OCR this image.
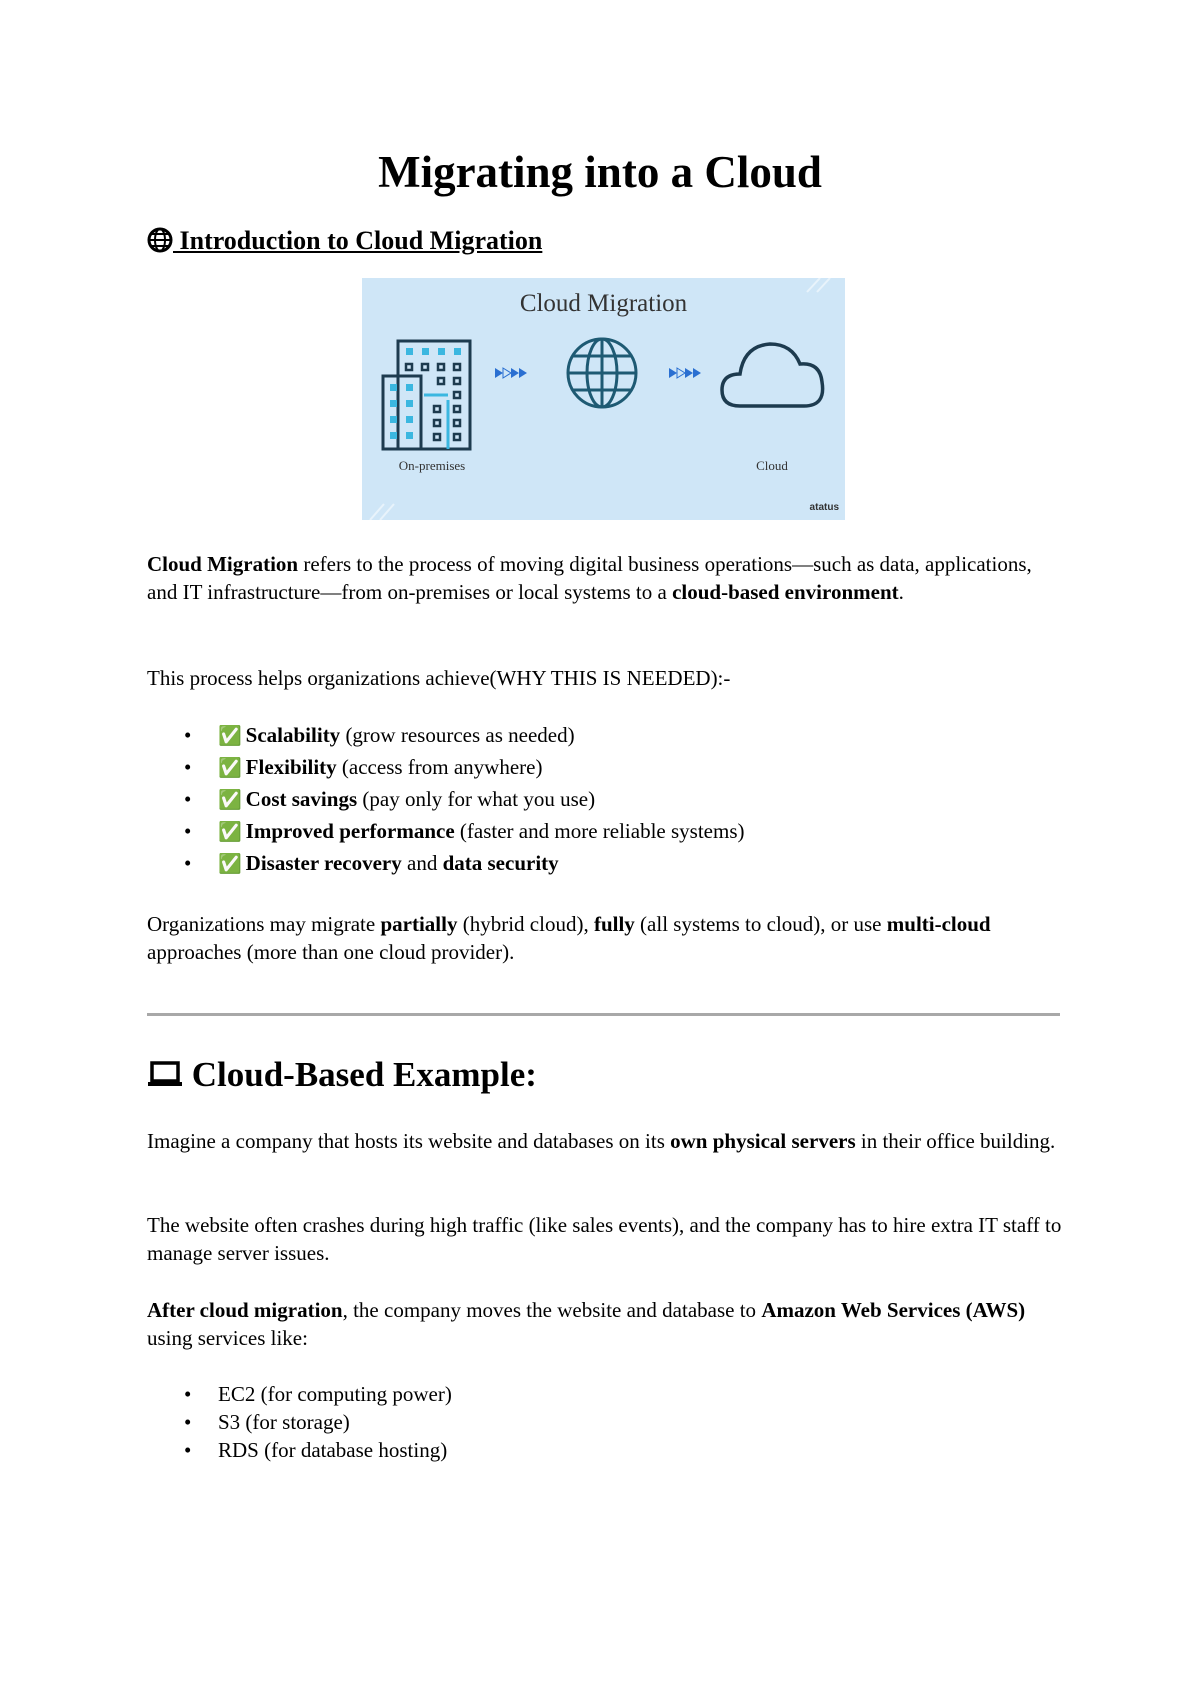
Migrating into a Cloud
Introduction to Cloud Migration
Cloud Migration
On-premises	Cloud
atatus
Cloud Migration refers to the process of moving digital business operations—such as data, applications, and IT infrastructure—from on-premises or local systems to a cloud-based environment.
This process helps organizations achieve(WHY THIS IS NEEDED):-
• ✅ Scalability (grow resources as needed)
• ✅ Flexibility (access from anywhere)
• ✅ Cost savings (pay only for what you use)
• ✅ Improved performance (faster and more reliable systems)
• ✅ Disaster recovery and data security
Organizations may migrate partially (hybrid cloud), fully (all systems to cloud), or use multi-cloud approaches (more than one cloud provider).
Cloud-Based Example:
Imagine a company that hosts its website and databases on its own physical servers in their office building.
The website often crashes during high traffic (like sales events), and the company has to hire extra IT staff to manage server issues.
After cloud migration, the company moves the website and database to Amazon Web Services (AWS) using services like:
• EC2 (for computing power)
• S3 (for storage)
• RDS (for database hosting)
